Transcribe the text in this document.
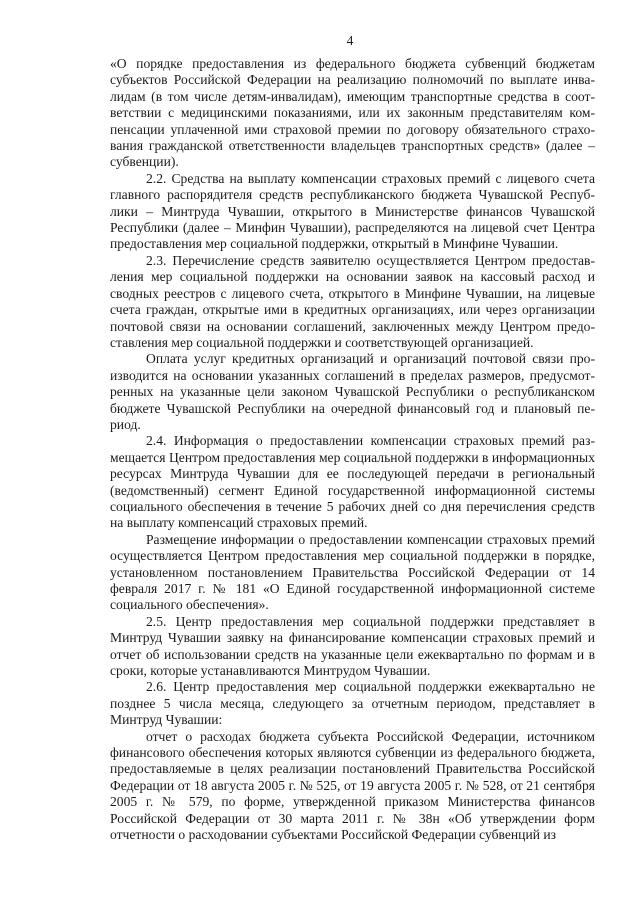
4

«О порядке предоставления из федерального бюджета субвенций бюджетам субъектов Российской Федерации на реализацию полномочий по выплате инвалидам (в том числе детям-инвалидам), имеющим транспортные средства в соответствии с медицинскими показаниями, или их законным представителям компенсации уплаченной ими страховой премии по договору обязательного страхования гражданской ответственности владельцев транспортных средств» (далее – субвенции).

2.2. Средства на выплату компенсации страховых премий с лицевого счета главного распорядителя средств республиканского бюджета Чувашской Республики – Минтруда Чувашии, открытого в Министерстве финансов Чувашской Республики (далее – Минфин Чувашии), распределяются на лицевой счет Центра предоставления мер социальной поддержки, открытый в Минфине Чувашии.

2.3. Перечисление средств заявителю осуществляется Центром предоставления мер социальной поддержки на основании заявок на кассовый расход и сводных реестров с лицевого счета, открытого в Минфине Чувашии, на лицевые счета граждан, открытые ими в кредитных организациях, или через организации почтовой связи на основании соглашений, заключенных между Центром предоставления мер социальной поддержки и соответствующей организацией.

Оплата услуг кредитных организаций и организаций почтовой связи производится на основании указанных соглашений в пределах размеров, предусмотренных на указанные цели законом Чувашской Республики о республиканском бюджете Чувашской Республики на очередной финансовый год и плановый период.

2.4. Информация о предоставлении компенсации страховых премий размещается Центром предоставления мер социальной поддержки в информационных ресурсах Минтруда Чувашии для ее последующей передачи в региональный (ведомственный) сегмент Единой государственной информационной системы социального обеспечения в течение 5 рабочих дней со дня перечисления средств на выплату компенсаций страховых премий.

Размещение информации о предоставлении компенсации страховых премий осуществляется Центром предоставления мер социальной поддержки в порядке, установленном постановлением Правительства Российской Федерации от 14 февраля 2017 г. № 181 «О Единой государственной информационной системе социального обеспечения».

2.5. Центр предоставления мер социальной поддержки представляет в Минтруд Чувашии заявку на финансирование компенсации страховых премий и отчет об использовании средств на указанные цели ежеквартально по формам и в сроки, которые устанавливаются Минтрудом Чувашии.

2.6. Центр предоставления мер социальной поддержки ежеквартально не позднее 5 числа месяца, следующего за отчетным периодом, представляет в Минтруд Чувашии:

отчет о расходах бюджета субъекта Российской Федерации, источником финансового обеспечения которых являются субвенции из федерального бюджета, предоставляемые в целях реализации постановлений Правительства Российской Федерации от 18 августа 2005 г. № 525, от 19 августа 2005 г. № 528, от 21 сентября 2005 г. № 579, по форме, утвержденной приказом Министерства финансов Российской Федерации от 30 марта 2011 г. № 38н «Об утверждении форм отчетности о расходовании субъектами Российской Федерации субвенций из
